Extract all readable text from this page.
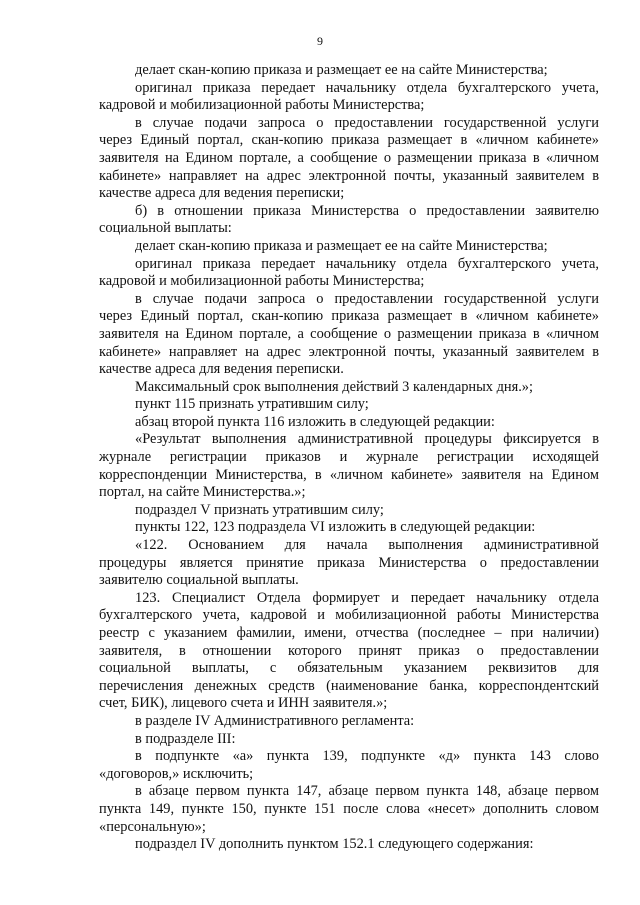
9
делает скан-копию приказа и размещает ее на сайте Министерства;
оригинал приказа передает начальнику отдела бухгалтерского учета,
кадровой и мобилизационной работы Министерства;
в случае подачи запроса о предоставлении государственной услуги
через Единый портал, скан-копию приказа размещает в «личном кабинете»
заявителя на Едином портале, а сообщение о размещении приказа в «личном
кабинете» направляет на адрес электронной почты, указанный заявителем в
качестве адреса для ведения переписки;
б) в отношении приказа Министерства о предоставлении заявителю
социальной выплаты:
делает скан-копию приказа и размещает ее на сайте Министерства;
оригинал приказа передает начальнику отдела бухгалтерского учета,
кадровой и мобилизационной работы Министерства;
в случае подачи запроса о предоставлении государственной услуги
через Единый портал, скан-копию приказа размещает в «личном кабинете»
заявителя на Едином портале, а сообщение о размещении приказа в «личном
кабинете» направляет на адрес электронной почты, указанный заявителем в
качестве адреса для ведения переписки.
Максимальный срок выполнения действий 3 календарных дня.»;
пункт 115 признать утратившим силу;
абзац второй пункта 116 изложить в следующей редакции:
«Результат выполнения административной процедуры фиксируется в
журнале регистрации приказов и журнале регистрации исходящей
корреспонденции Министерства, в «личном кабинете» заявителя на Едином
портал, на сайте Министерства.»;
подраздел V признать утратившим силу;
пункты 122, 123 подраздела VI изложить в следующей редакции:
«122. Основанием для начала выполнения административной
процедуры является принятие приказа Министерства о предоставлении
заявителю социальной выплаты.
123. Специалист Отдела формирует и передает начальнику отдела
бухгалтерского учета, кадровой и мобилизационной работы Министерства
реестр с указанием фамилии, имени, отчества (последнее – при наличии)
заявителя, в отношении которого принят приказ о предоставлении
социальной выплаты, с обязательным указанием реквизитов для
перечисления денежных средств (наименование банка, корреспондентский
счет, БИК), лицевого счета и ИНН заявителя.»;
в разделе IV Административного регламента:
в подразделе III:
в подпункте «а» пункта 139, подпункте «д» пункта 143 слово
«договоров,» исключить;
в абзаце первом пункта 147, абзаце первом пункта 148, абзаце первом
пункта 149, пункте 150, пункте 151 после слова «несет» дополнить словом
«персональную»;
подраздел IV дополнить пунктом 152.1 следующего содержания:
